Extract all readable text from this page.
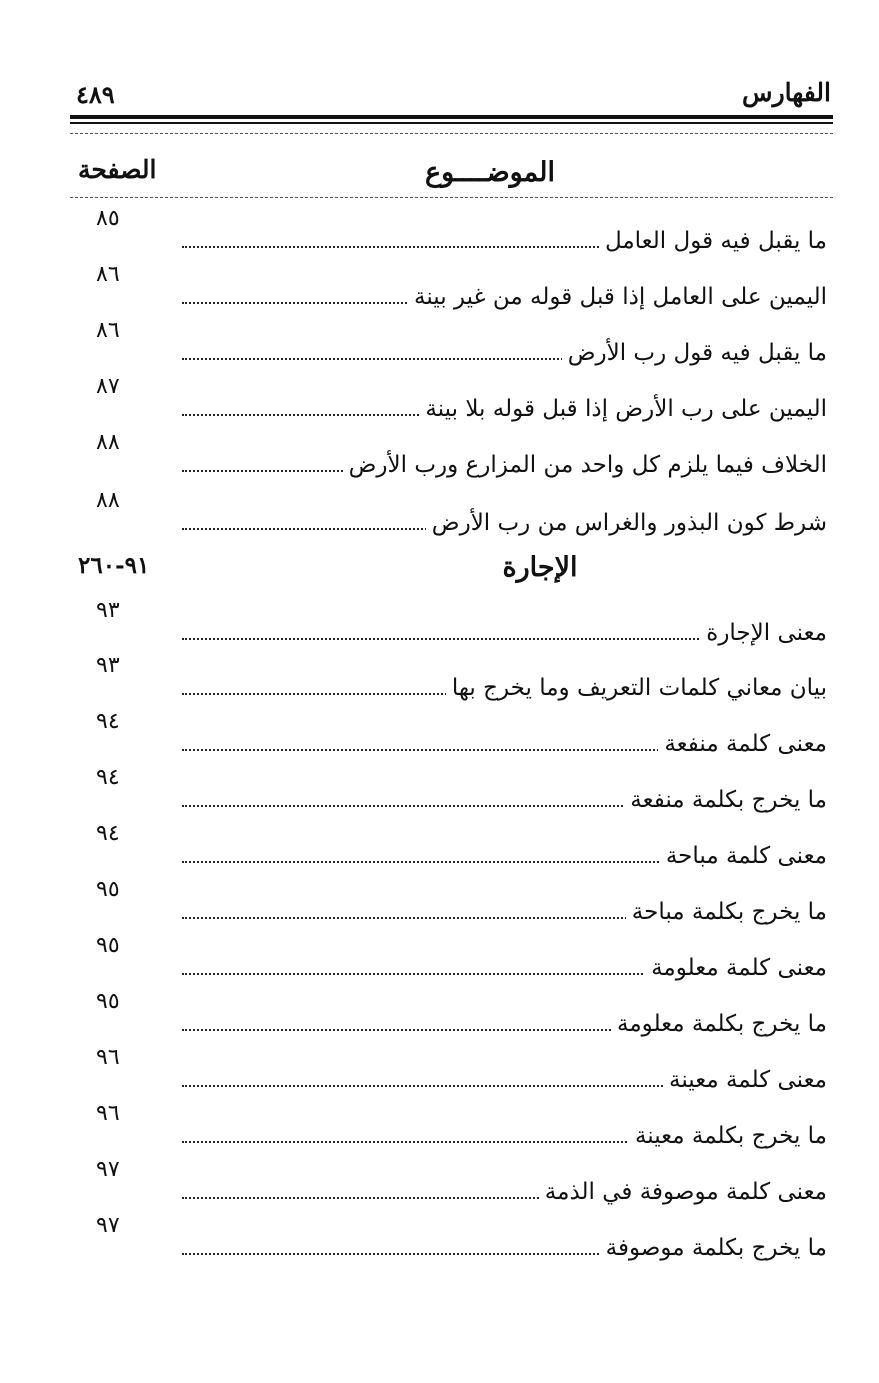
الفهارس
٤٨٩
الموضــــوع
الصفحة
ما يقبل فيه قول العامل
٨٥
اليمين على العامل إذا قبل قوله من غير بينة
٨٦
ما يقبل فيه قول رب الأرض
٨٦
اليمين على رب الأرض إذا قبل قوله بلا بينة
٨٧
الخلاف فيما يلزم كل واحد من المزارع ورب الأرض
٨٨
شرط كون البذور والغراس من رب الأرض
٨٨
الإجارة
٩١-٢٦٠
معنى الإجارة
٩٣
بيان معاني كلمات التعريف وما يخرج بها
٩٣
معنى كلمة منفعة
٩٤
ما يخرج بكلمة منفعة
٩٤
معنى كلمة مباحة
٩٤
ما يخرج بكلمة مباحة
٩٥
معنى كلمة معلومة
٩٥
ما يخرج بكلمة معلومة
٩٥
معنى كلمة معينة
٩٦
ما يخرج بكلمة معينة
٩٦
معنى كلمة موصوفة في الذمة
٩٧
ما يخرج بكلمة موصوفة
٩٧
